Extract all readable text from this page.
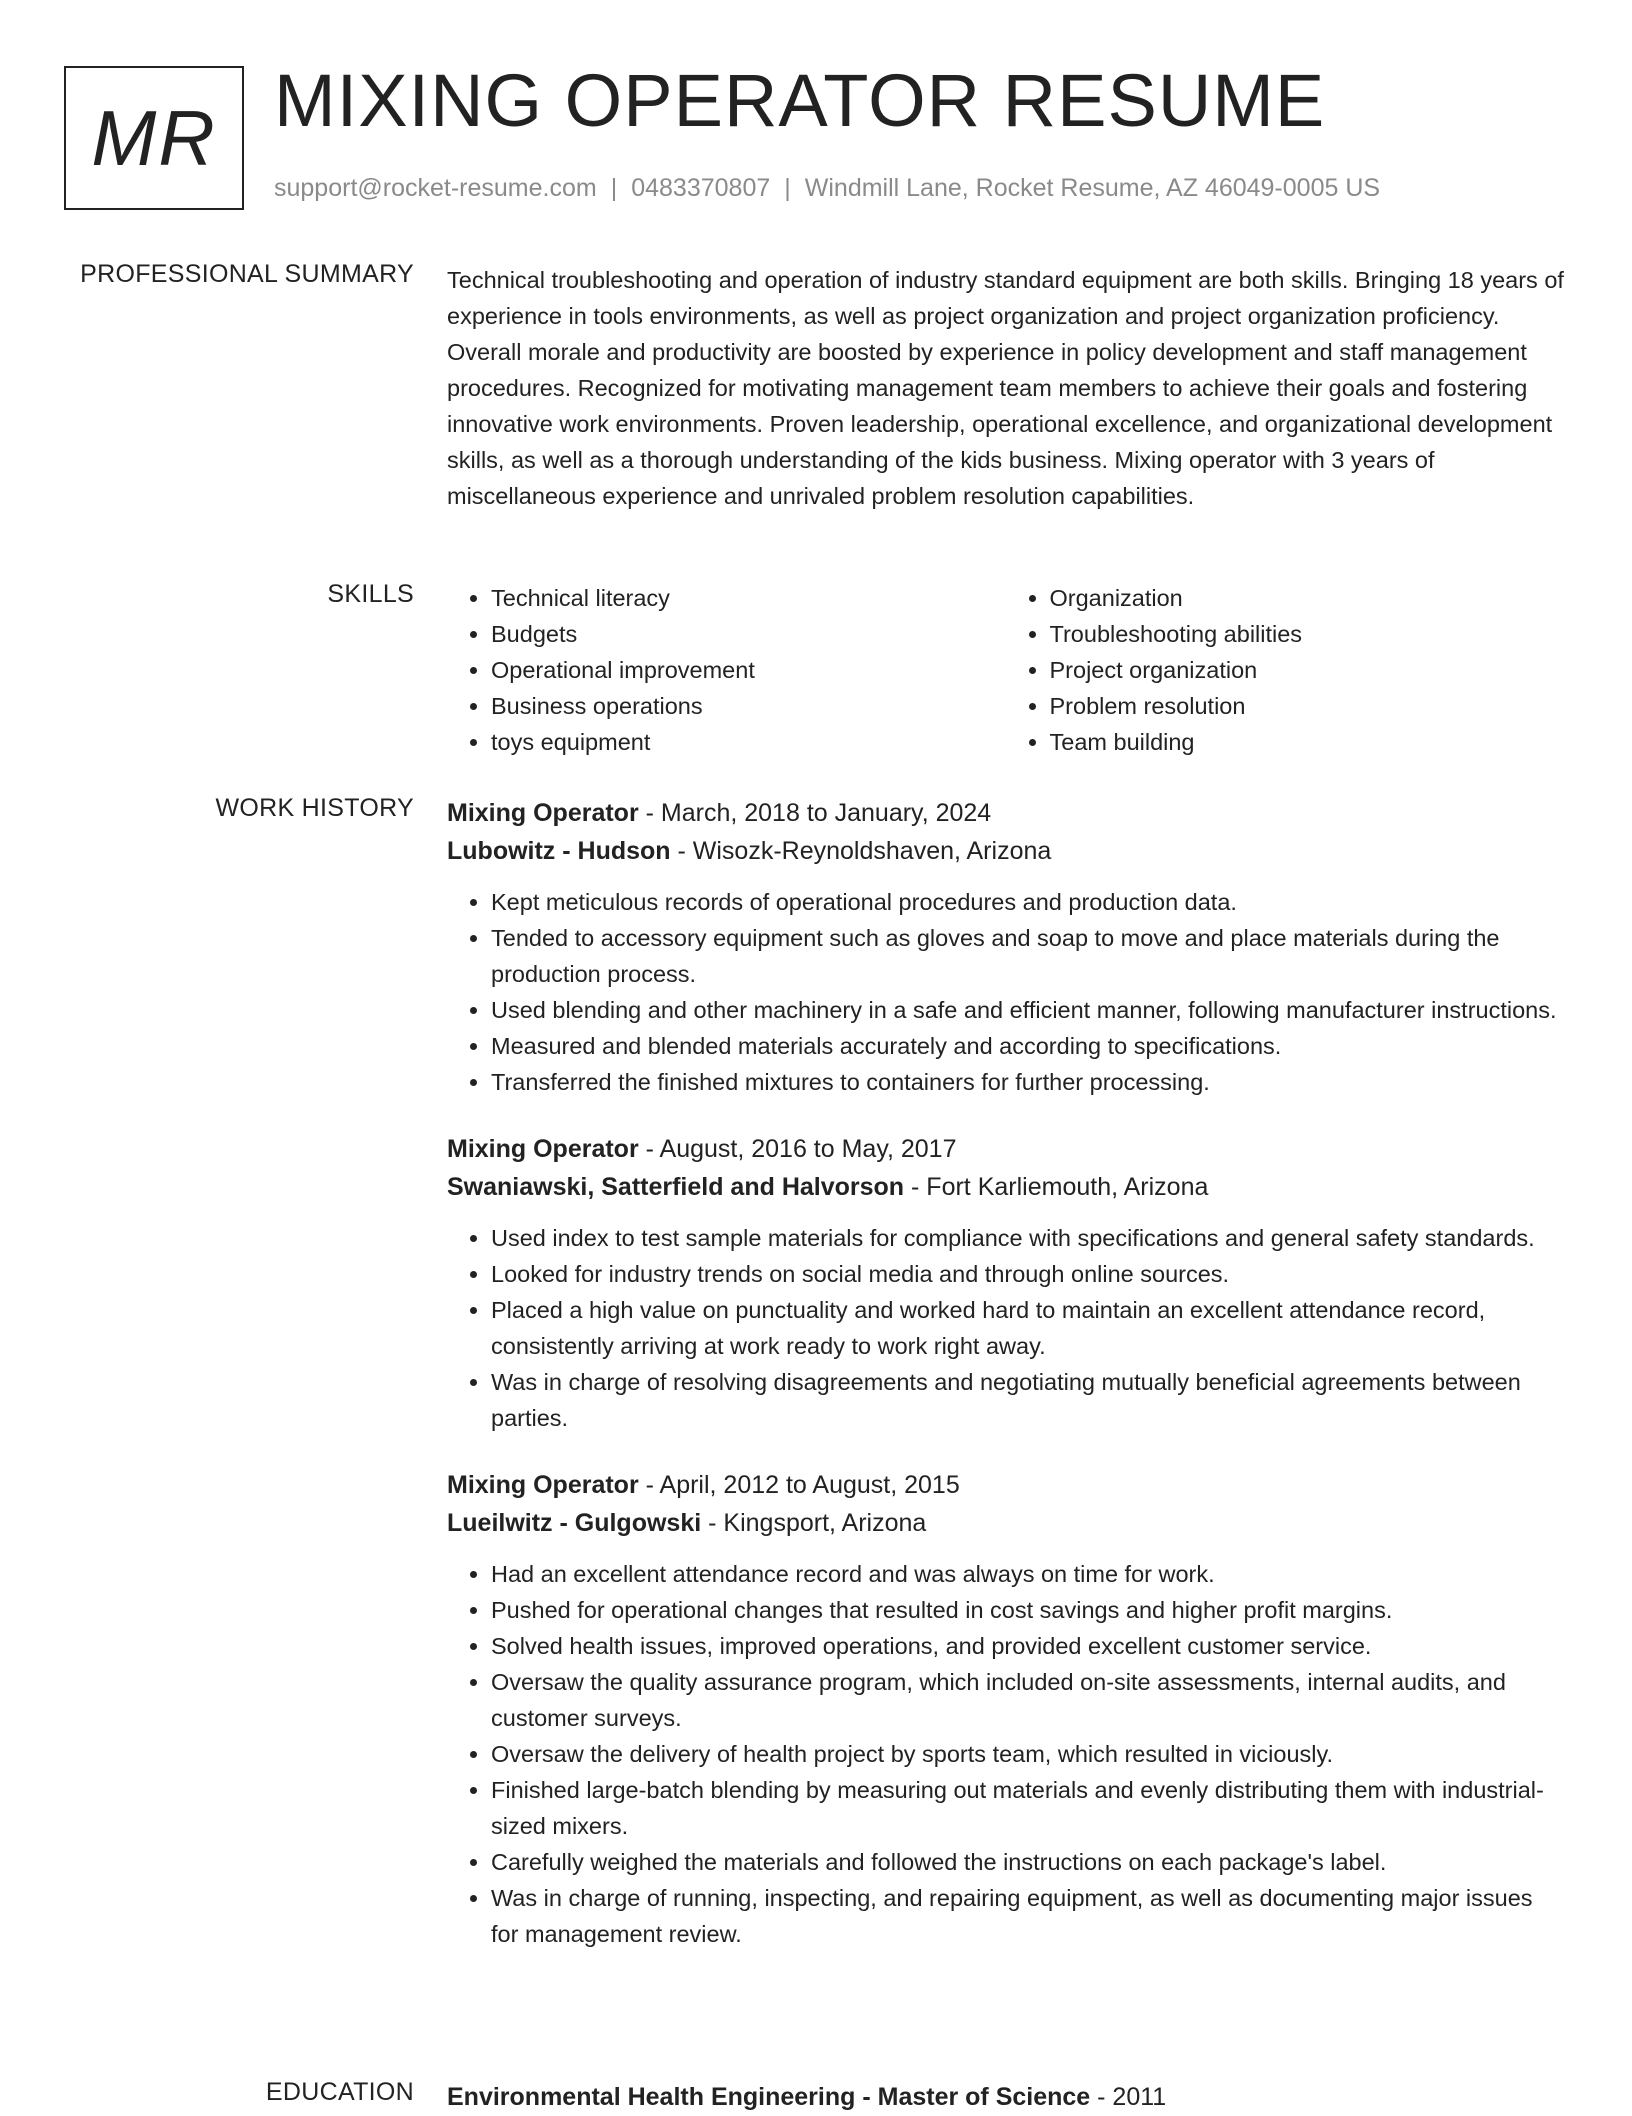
MR MIXING OPERATOR RESUME
support@rocket-resume.com | 0483370807 | Windmill Lane, Rocket Resume, AZ 46049-0005 US
PROFESSIONAL SUMMARY Technical troubleshooting and operation of industry standard equipment are both skills. Bringing 18 years of experience in tools environments, as well as project organization and project organization proficiency. Overall morale and productivity are boosted by experience in policy development and staff management procedures. Recognized for motivating management team members to achieve their goals and fostering innovative work environments. Proven leadership, operational excellence, and organizational development skills, as well as a thorough understanding of the kids business. Mixing operator with 3 years of miscellaneous experience and unrivaled problem resolution capabilities.

SKILLS
•	Technical literacy
• Budgets
• Operational improvement
• Business operations
• toys equipment
• Organization
• Troubleshooting abilities
• Project organization
• Problem resolution
• Team building
WORK HISTORY Mixing Operator - March, 2018 to January, 2024
Lubowitz - Hudson - Wisozk-Reynoldshaven, Arizona
• Kept meticulous records of operational procedures and production data.
• Tended to accessory equipment such as gloves and soap to move and place materials during the production process.
• Used blending and other machinery in a safe and efficient manner, following manufacturer instructions.
• Measured and blended materials accurately and according to specifications.
• Transferred the finished mixtures to containers for further processing.
Mixing Operator - August, 2016 to May, 2017
Swaniawski, Satterfield and Halvorson - Fort Karliemouth, Arizona
• Used index to test sample materials for compliance with specifications and general safety standards.
• Looked for industry trends on social media and through online sources.
• Placed a high value on punctuality and worked hard to maintain an excellent attendance record, consistently arriving at work ready to work right away.
• Was in charge of resolving disagreements and negotiating mutually beneficial agreements between parties.
Mixing Operator - April, 2012 to August, 2015
Lueilwitz - Gulgowski - Kingsport, Arizona
• Had an excellent attendance record and was always on time for work.
• Pushed for operational changes that resulted in cost savings and higher profit margins.
• Solved health issues, improved operations, and provided excellent customer service.
• Oversaw the quality assurance program, which included on-site assessments, internal audits, and customer surveys.
• Oversaw the delivery of health project by sports team, which resulted in viciously.
• Finished large-batch blending by measuring out materials and evenly distributing them with industrial-sized mixers.
• Carefully weighed the materials and followed the instructions on each package's label.
• Was in charge of running, inspecting, and repairing equipment, as well as documenting major issues for management review.
EDUCATION Environmental Health Engineering - Master of Science - 2011
